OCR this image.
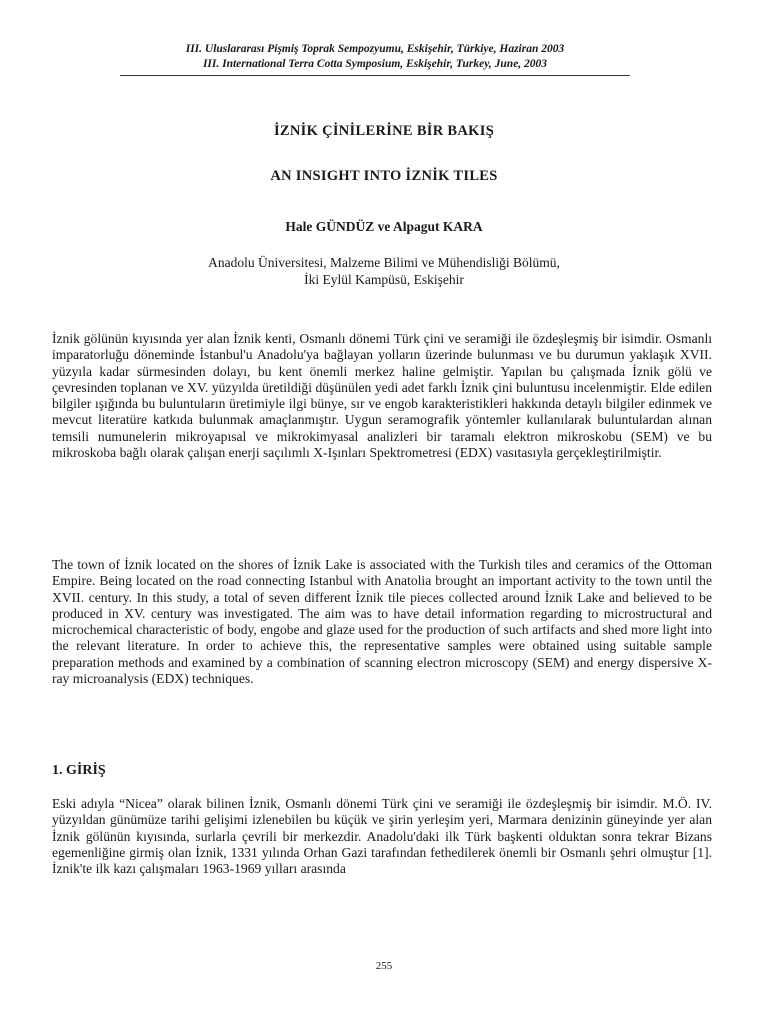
III. Uluslararası Pişmiş Toprak Sempozyumu, Eskişehir, Türkiye, Haziran 2003
III. International Terra Cotta Symposium, Eskişehir, Turkey, June, 2003
İZNİK ÇİNİLERİNE BİR BAKIŞ
AN INSIGHT INTO İZNİK TILES
Hale GÜNDÜZ ve Alpagut KARA
Anadolu Üniversitesi, Malzeme Bilimi ve Mühendisliği Bölümü,
İki Eylül Kampüsü, Eskişehir

İznik gölünün kıyısında yer alan İznik kenti, Osmanlı dönemi Türk çini ve seramiği ile özdeşleşmiş bir isimdir. Osmanlı imparatorluğu döneminde İstanbul'u Anadolu'ya bağlayan yolların üzerinde bulunması ve bu durumun yaklaşık XVII. yüzyıla kadar sürmesinden dolayı, bu kent önemli merkez haline gelmiştir. Yapılan bu çalışmada İznik gölü ve çevresinden toplanan ve XV. yüzyılda üretildiği düşünülen yedi adet farklı İznik çini buluntusu incelenmiştir. Elde edilen bilgiler ışığında bu buluntuların üretimiyle ilgi bünye, sır ve engob karakteristikleri hakkında detaylı bilgiler edinmek ve mevcut literatüre katkıda bulunmak amaçlanmıştır. Uygun seramografik yöntemler kullanılarak buluntulardan alınan temsili numunelerin mikroyapısal ve mikrokimyasal analizleri bir taramalı elektron mikroskobu (SEM) ve bu mikroskoba bağlı olarak çalışan enerji saçılımlı X-Işınları Spektrometresi (EDX) vasıtasıyla gerçekleştirilmiştir.

The town of İznik located on the shores of İznik Lake is associated with the Turkish tiles and ceramics of the Ottoman Empire. Being located on the road connecting Istanbul with Anatolia brought an important activity to the town until the XVII. century. In this study, a total of seven different İznik tile pieces collected around İznik Lake and believed to be produced in XV. century was investigated. The aim was to have detail information regarding to microstructural and microchemical characteristic of body, engobe and glaze used for the production of such artifacts and shed more light into the relevant literature. In order to achieve this, the representative samples were obtained using suitable sample preparation methods and examined by a combination of scanning electron microscopy (SEM) and energy dispersive X-ray microanalysis (EDX) techniques.

1. GİRİŞ

Eski adıyla “Nicea” olarak bilinen İznik, Osmanlı dönemi Türk çini ve seramiği ile özdeşleşmiş bir isimdir. M.Ö. IV. yüzyıldan günümüze tarihi gelişimi izlenebilen bu küçük ve şirin yerleşim yeri, Marmara denizinin güneyinde yer alan İznik gölünün kıyısında, surlarla çevrili bir merkezdir. Anadolu'daki ilk Türk başkenti olduktan sonra tekrar Bizans egemenliğine girmiş olan İznik, 1331 yılında Orhan Gazi tarafından fethedilerek önemli bir Osmanlı şehri olmuştur [1]. İznik'te ilk kazı çalışmaları 1963-1969 yılları arasında

255
